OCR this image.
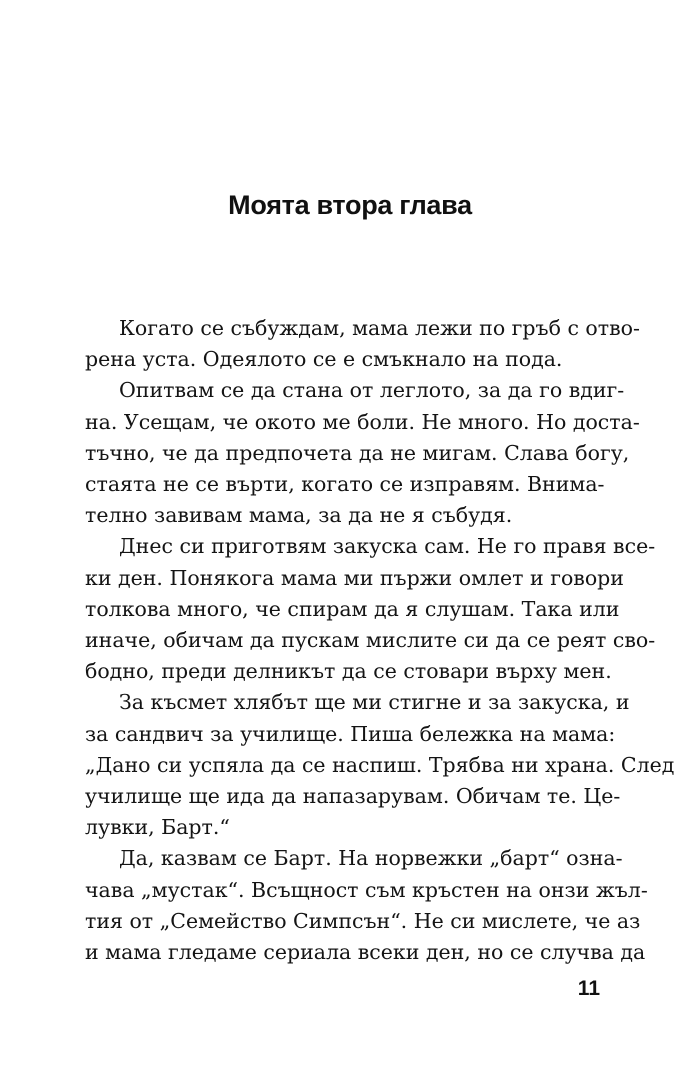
Моята втора глава
Когато се събуждам, мама лежи по гръб с отво-
рена уста. Одеялото се е смъкнало на пода.
Опитвам се да стана от леглото, за да го вдиг-
на. Усещам, че окото ме боли. Не много. Но доста-
тъчно, че да предпочета да не мигам. Слава богу,
стаята не се върти, когато се изправям. Внима-
телно завивам мама, за да не я събудя.
Днес си приготвям закуска сам. Не го правя все-
ки ден. Понякога мама ми пържи омлет и говори
толкова много, че спирам да я слушам. Така или
иначе, обичам да пускам мислите си да се реят сво-
бодно, преди делникът да се стовари върху мен.
За късмет хлябът ще ми стигне и за закуска, и
за сандвич за училище. Пиша бележка на мама:
„Дано си успяла да се наспиш. Трябва ни храна. След
училище ще ида да напазарувам. Обичам те. Це-
лувки, Барт.“
Да, казвам се Барт. На норвежки „барт“ озна-
чава „мустак“. Всъщност съм кръстен на онзи жъл-
тия от „Семейство Симпсън“. Не си мислете, че аз
и мама гледаме сериала всеки ден, но се случва да
11
